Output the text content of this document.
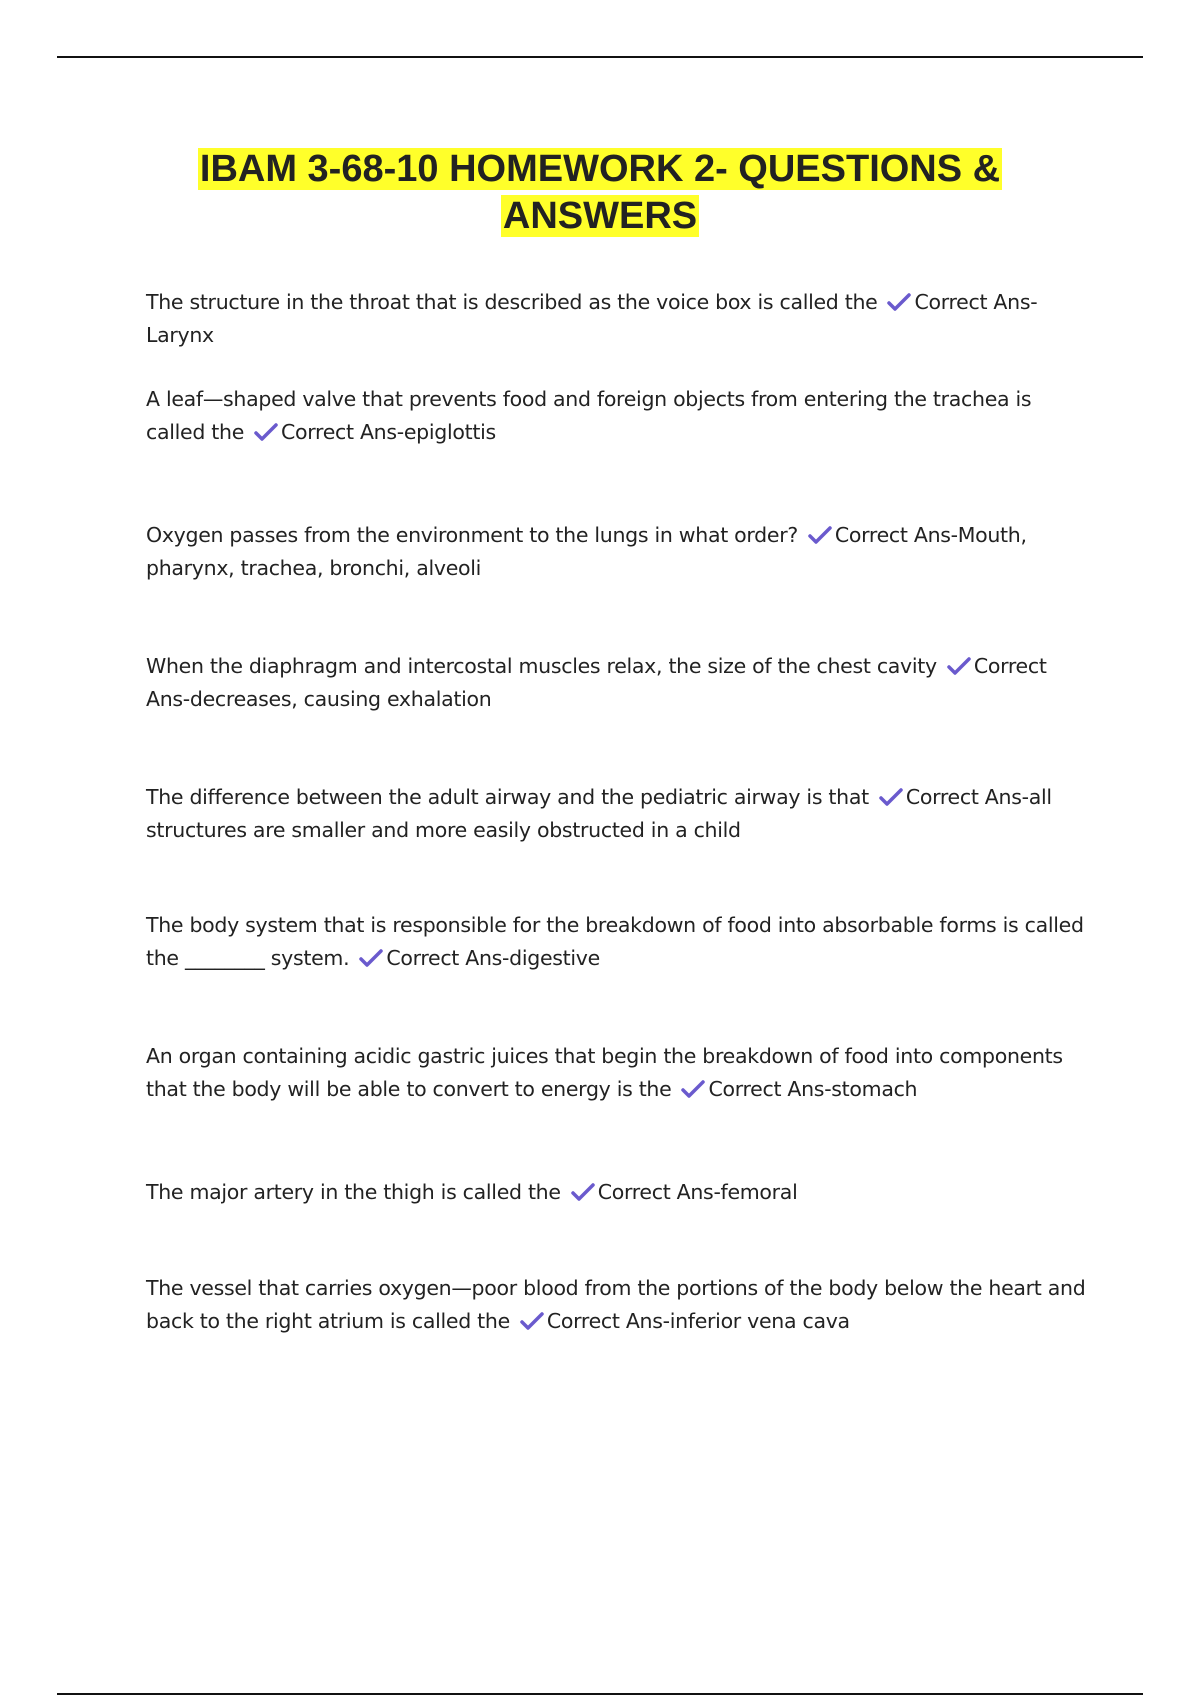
IBAM 3-68-10 HOMEWORK 2- QUESTIONS & ANSWERS
The structure in the throat that is described as the voice box is called the Correct Ans-Larynx
A leaf—shaped valve that prevents food and foreign objects from entering the trachea is called the Correct Ans-epiglottis
Oxygen passes from the environment to the lungs in what order? Correct Ans-Mouth, pharynx, trachea, bronchi, alveoli
When the diaphragm and intercostal muscles relax, the size of the chest cavity Correct Ans-decreases, causing exhalation
The difference between the adult airway and the pediatric airway is that Correct Ans-all structures are smaller and more easily obstructed in a child
The body system that is responsible for the breakdown of food into absorbable forms is called the ________ system. Correct Ans-digestive
An organ containing acidic gastric juices that begin the breakdown of food into components that the body will be able to convert to energy is the Correct Ans-stomach
The major artery in the thigh is called the Correct Ans-femoral
The vessel that carries oxygen—poor blood from the portions of the body below the heart and back to the right atrium is called the Correct Ans-inferior vena cava
